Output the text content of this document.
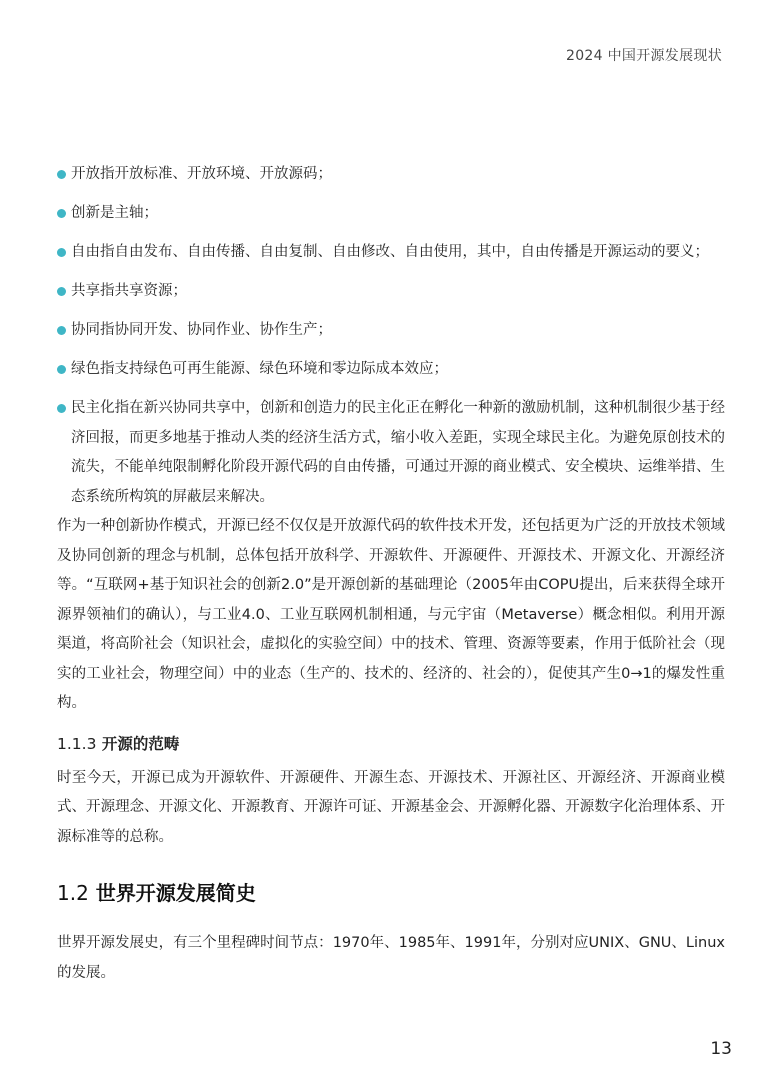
2024 中国开源发展现状
开放指开放标准、开放环境、开放源码；
创新是主轴；
自由指自由发布、自由传播、自由复制、自由修改、自由使用，其中，自由传播是开源运动的要义；
共享指共享资源；
协同指协同开发、协同作业、协作生产；
绿色指支持绿色可再生能源、绿色环境和零边际成本效应；
民主化指在新兴协同共享中，创新和创造力的民主化正在孵化一种新的激励机制，这种机制很少基于经济回报，而更多地基于推动人类的经济生活方式，缩小收入差距，实现全球民主化。为避免原创技术的流失，不能单纯限制孵化阶段开源代码的自由传播，可通过开源的商业模式、安全模块、运维举措、生态系统所构筑的屏蔽层来解决。

作为一种创新协作模式，开源已经不仅仅是开放源代码的软件技术开发，还包括更为广泛的开放技术领域及协同创新的理念与机制，总体包括开放科学、开源软件、开源硬件、开源技术、开源文化、开源经济等。“互联网+基于知识社会的创新2.0”是开源创新的基础理论（2005年由COPU提出，后来获得全球开源界领袖们的确认），与工业4.0、工业互联网机制相通，与元宇宙（Metaverse）概念相似。利用开源渠道，将高阶社会（知识社会，虚拟化的实验空间）中的技术、管理、资源等要素，作用于低阶社会（现实的工业社会，物理空间）中的业态（生产的、技术的、经济的、社会的），促使其产生0→1的爆发性重构。

1.1.3 开源的范畴

时至今天，开源已成为开源软件、开源硬件、开源生态、开源技术、开源社区、开源经济、开源商业模式、开源理念、开源文化、开源教育、开源许可证、开源基金会、开源孵化器、开源数字化治理体系、开源标准等的总称。

1.2 世界开源发展简史

世界开源发展史，有三个里程碑时间节点：1970年、1985年、1991年，分别对应UNIX、GNU、Linux的发展。

13
